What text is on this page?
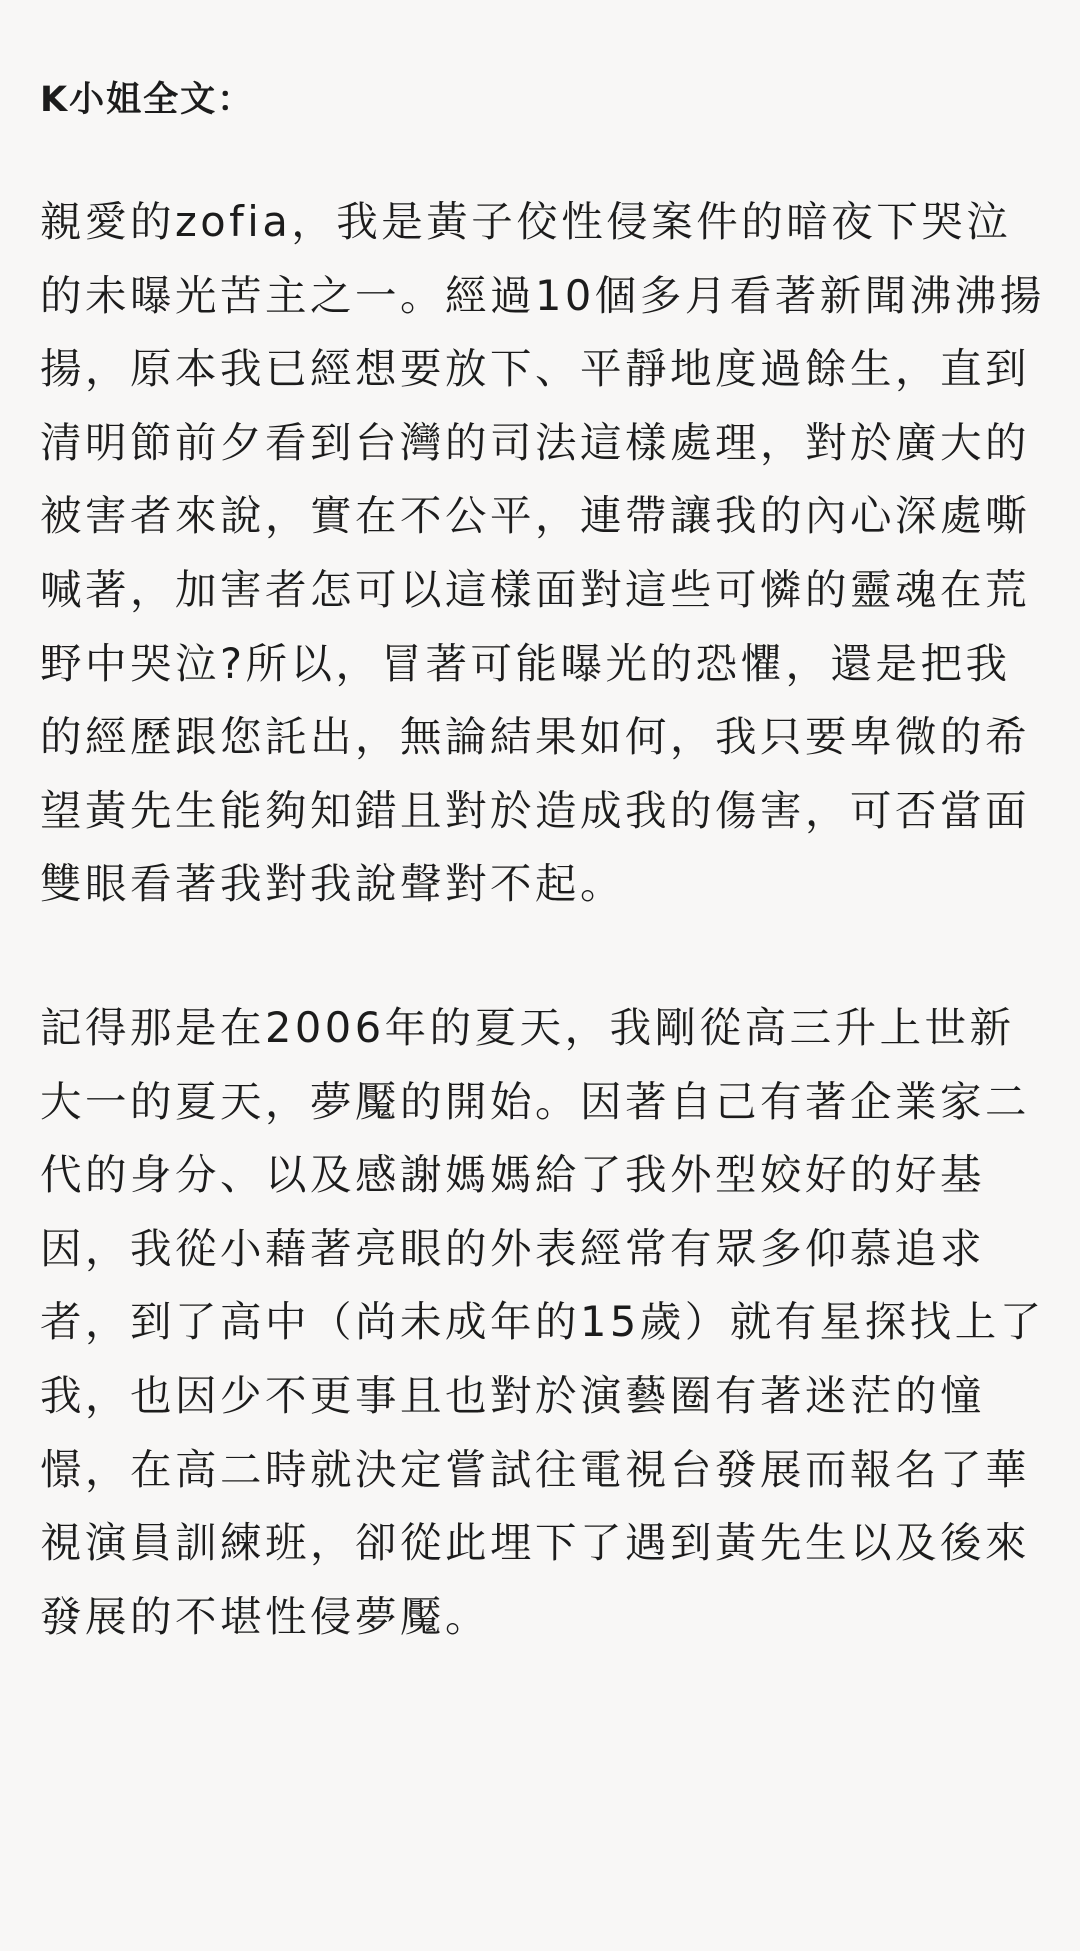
K小姐全文：

親愛的zofia，我是黃子佼性侵案件的暗夜下哭泣的未曝光苦主之一。經過10個多月看著新聞沸沸揚揚，原本我已經想要放下、平靜地度過餘生，直到清明節前夕看到台灣的司法這樣處理，對於廣大的被害者來說，實在不公平，連帶讓我的內心深處嘶喊著，加害者怎可以這樣面對這些可憐的靈魂在荒野中哭泣?所以，冒著可能曝光的恐懼，還是把我的經歷跟您託出，無論結果如何，我只要卑微的希望黃先生能夠知錯且對於造成我的傷害，可否當面雙眼看著我對我說聲對不起。

記得那是在2006年的夏天，我剛從高三升上世新大一的夏天，夢魘的開始。因著自己有著企業家二代的身分、以及感謝媽媽給了我外型姣好的好基因，我從小藉著亮眼的外表經常有眾多仰慕追求者，到了高中（尚未成年的15歲）就有星探找上了我，也因少不更事且也對於演藝圈有著迷茫的憧憬，在高二時就決定嘗試往電視台發展而報名了華視演員訓練班，卻從此埋下了遇到黃先生以及後來發展的不堪性侵夢魘。
